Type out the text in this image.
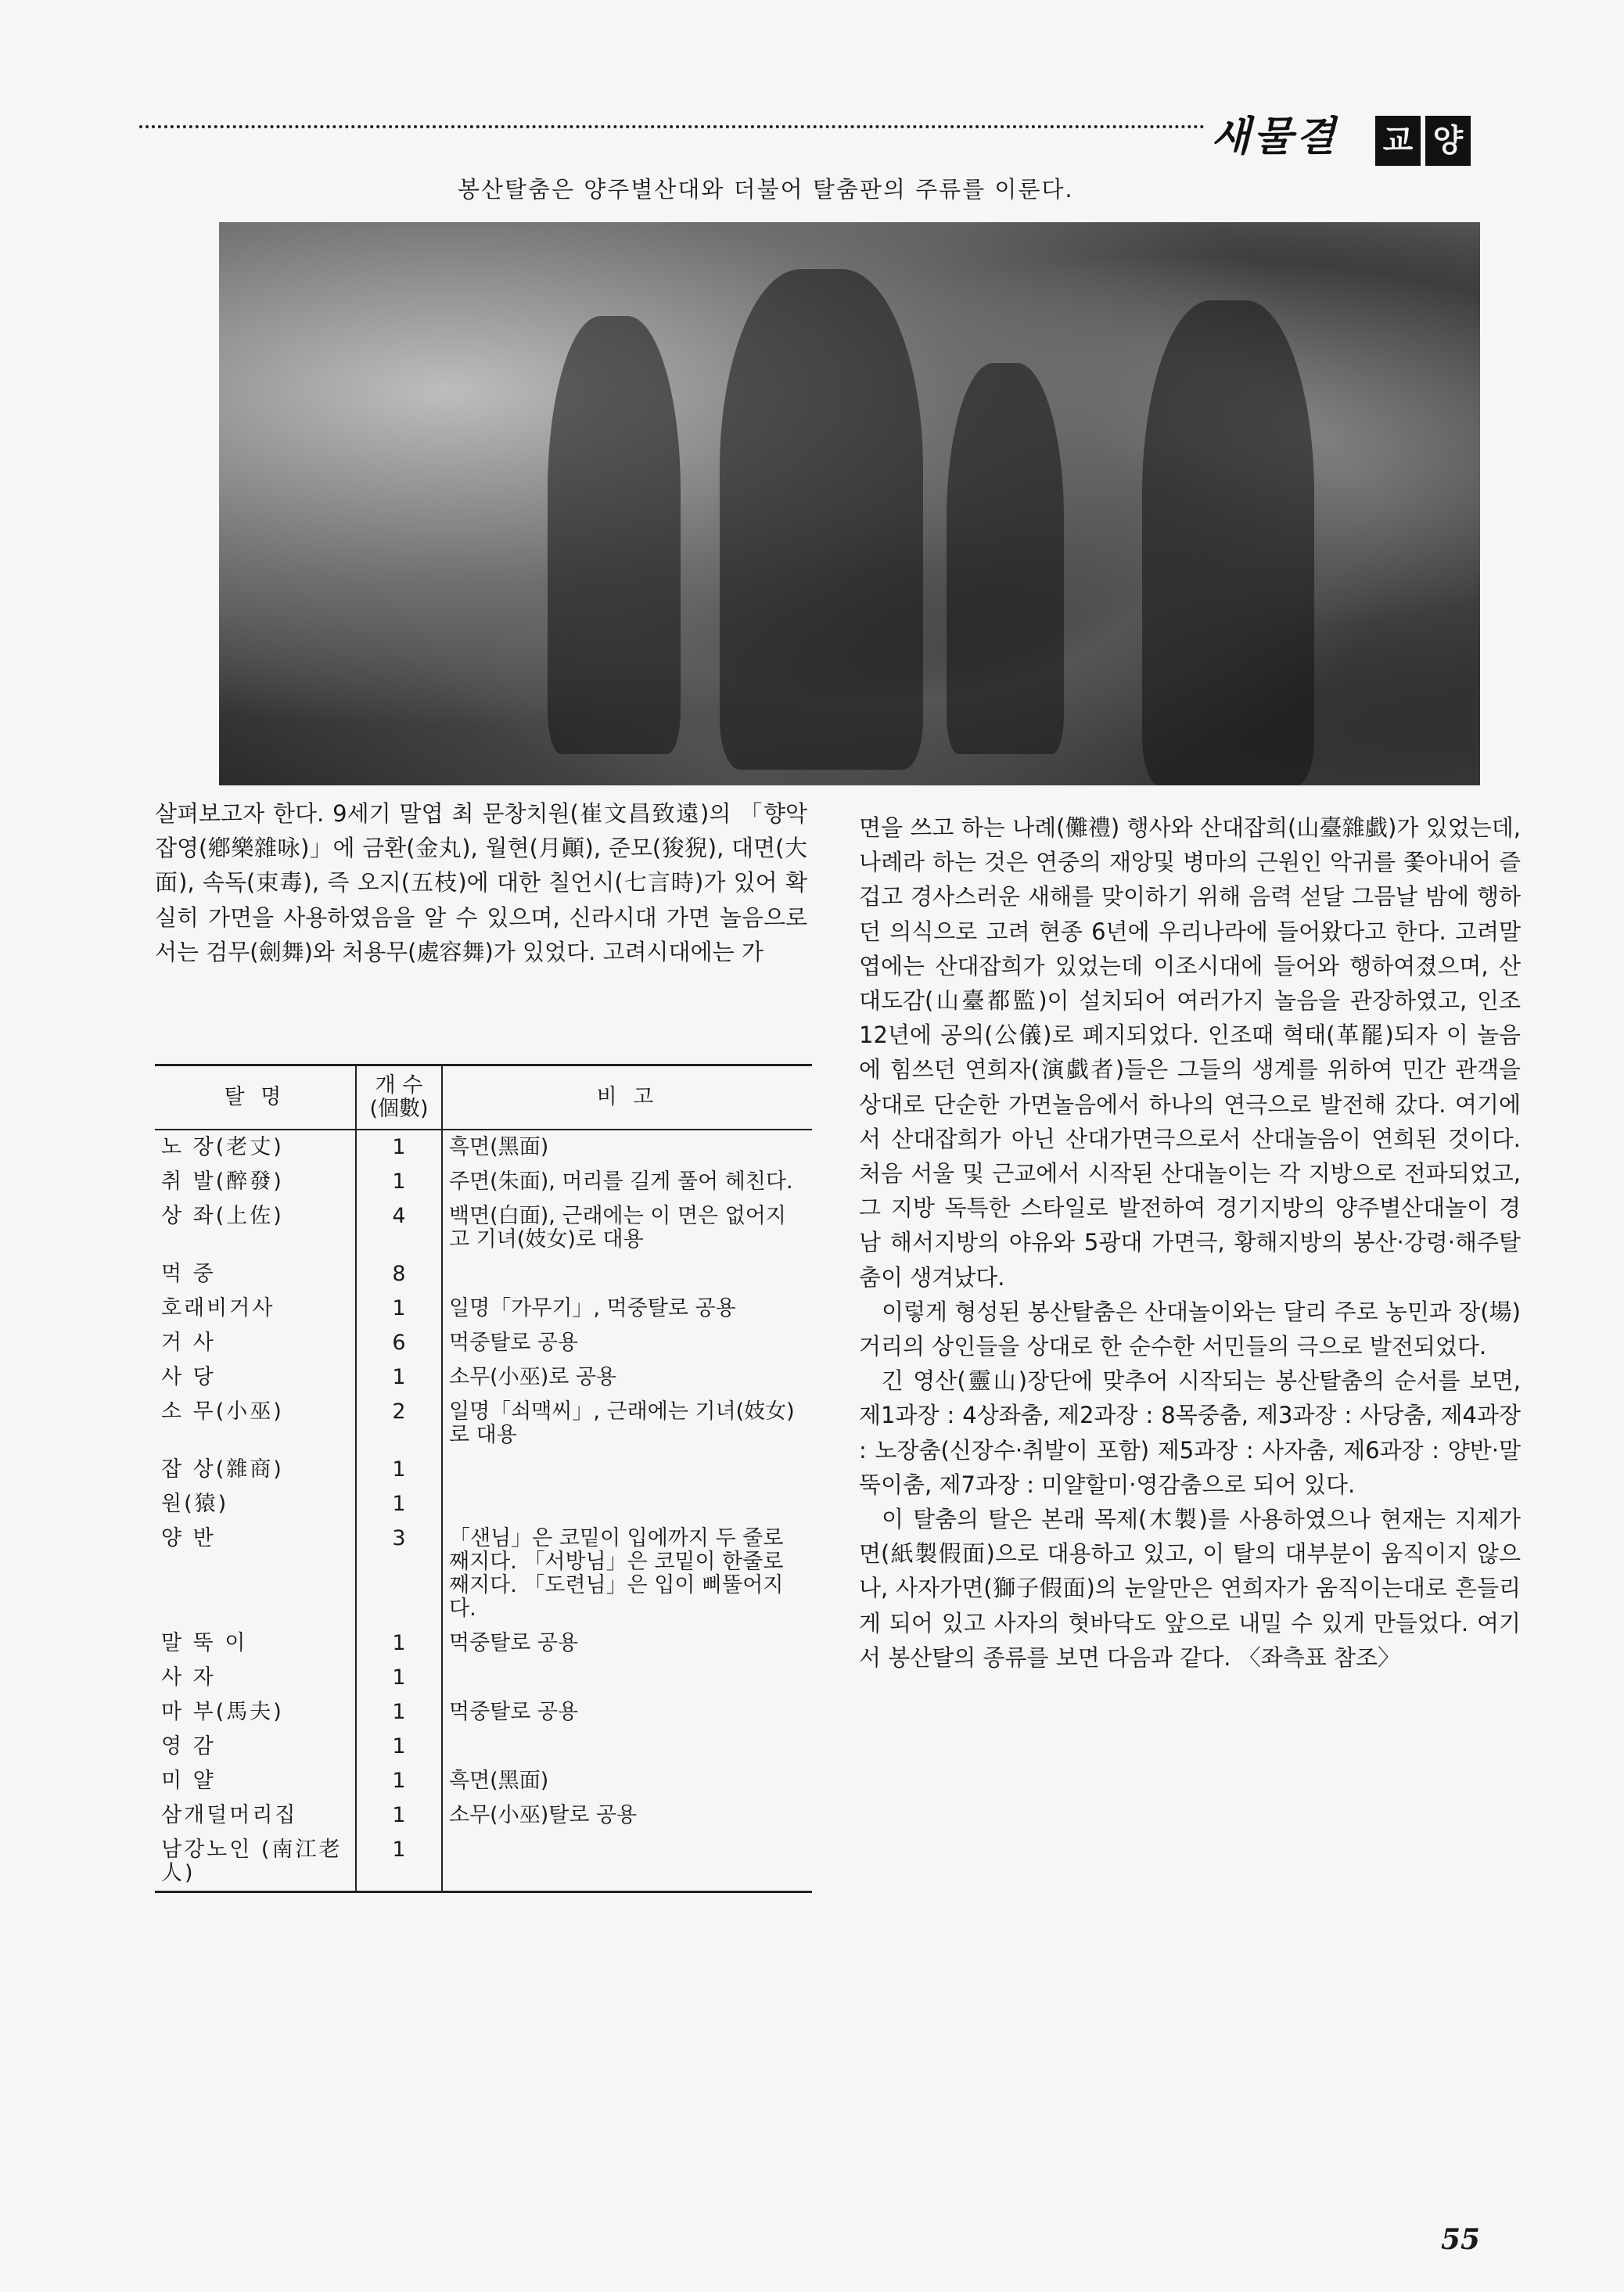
새물결 교 양
봉산탈춤은 양주별산대와 더불어 탈춤판의 주류를 이룬다.

살펴보고자 한다. 9세기 말엽 최 문창치원(崔文昌致遠)의 「향악잡영(鄕樂雜咏)」에 금환(金丸), 월현(月顚), 준모(狻猊), 대면(大面), 속독(束毒), 즉 오지(五枝)에 대한 칠언시(七言時)가 있어 확실히 가면을 사용하였음을 알 수 있으며, 신라시대 가면 놀음으로서는 검무(劍舞)와 처용무(處容舞)가 있었다. 고려시대에는 가

탈 명	개 수 (個數)	비 고
노 장(老丈)	1	흑면(黑面)
취 발(醉發)	1	주면(朱面), 머리를 길게 풀어 헤친다.
상 좌(上佐)	4	백면(白面), 근래에는 이 면은 없어지고 기녀(妓女)로 대용
먹 중	8	
호래비거사	1	일명「가무기」, 먹중탈로 공용
거 사	6	먹중탈로 공용
사 당	1	소무(小巫)로 공용
소 무(小巫)	2	일명「쇠맥씨」, 근래에는 기녀(妓女)로 대용
잡 상(雜商)	1	
원(猿)	1	
양 반	3	「샌님」은 코밑이 입에까지 두 줄로 째지다. 「서방님」은 코밑이 한줄로 째지다. 「도련님」은 입이 삐뚤어지다.
말 뚝 이	1	먹중탈로 공용
사 자	1	
마 부(馬夫)	1	먹중탈로 공용
영 감	1	
미 얄	1	흑면(黑面)
삼개덜머리집	1	소무(小巫)탈로 공용
남강노인 (南江老人)	1	

면을 쓰고 하는 나례(儺禮) 행사와 산대잡희(山臺雜戱)가 있었는데, 나례라 하는 것은 연중의 재앙및 병마의 근원인 악귀를 쫓아내어 즐겁고 경사스러운 새해를 맞이하기 위해 음력 섣달 그믐날 밤에 행하던 의식으로 고려 현종 6년에 우리나라에 들어왔다고 한다. 고려말엽에는 산대잡희가 있었는데 이조시대에 들어와 행하여졌으며, 산대도감(山臺都監)이 설치되어 여러가지 놀음을 관장하였고, 인조 12년에 공의(公儀)로 폐지되었다. 인조때 혁태(革罷)되자 이 놀음에 힘쓰던 연희자(演戱者)들은 그들의 생계를 위하여 민간 관객을 상대로 단순한 가면놀음에서 하나의 연극으로 발전해 갔다. 여기에서 산대잡희가 아닌 산대가면극으로서 산대놀음이 연희된 것이다. 처음 서울 및 근교에서 시작된 산대놀이는 각 지방으로 전파되었고, 그 지방 독특한 스타일로 발전하여 경기지방의 양주별산대놀이 경남 해서지방의 야유와 5광대 가면극, 황해지방의 봉산·강령·해주탈춤이 생겨났다.

이렇게 형성된 봉산탈춤은 산대놀이와는 달리 주로 농민과 장(場)거리의 상인들을 상대로 한 순수한 서민들의 극으로 발전되었다.

긴 영산(靈山)장단에 맞추어 시작되는 봉산탈춤의 순서를 보면, 제1과장 : 4상좌춤, 제2과장 : 8목중춤, 제3과장 : 사당춤, 제4과장 : 노장춤(신장수·취발이 포함) 제5과장 : 사자춤, 제6과장 : 양반·말뚝이춤, 제7과장 : 미얄할미·영감춤으로 되어 있다.

이 탈춤의 탈은 본래 목제(木製)를 사용하였으나 현재는 지제가면(紙製假面)으로 대용하고 있고, 이 탈의 대부분이 움직이지 않으나, 사자가면(獅子假面)의 눈알만은 연희자가 움직이는대로 흔들리게 되어 있고 사자의 혓바닥도 앞으로 내밀 수 있게 만들었다. 여기서 봉산탈의 종류를 보면 다음과 같다. 〈좌측표 참조〉

55
